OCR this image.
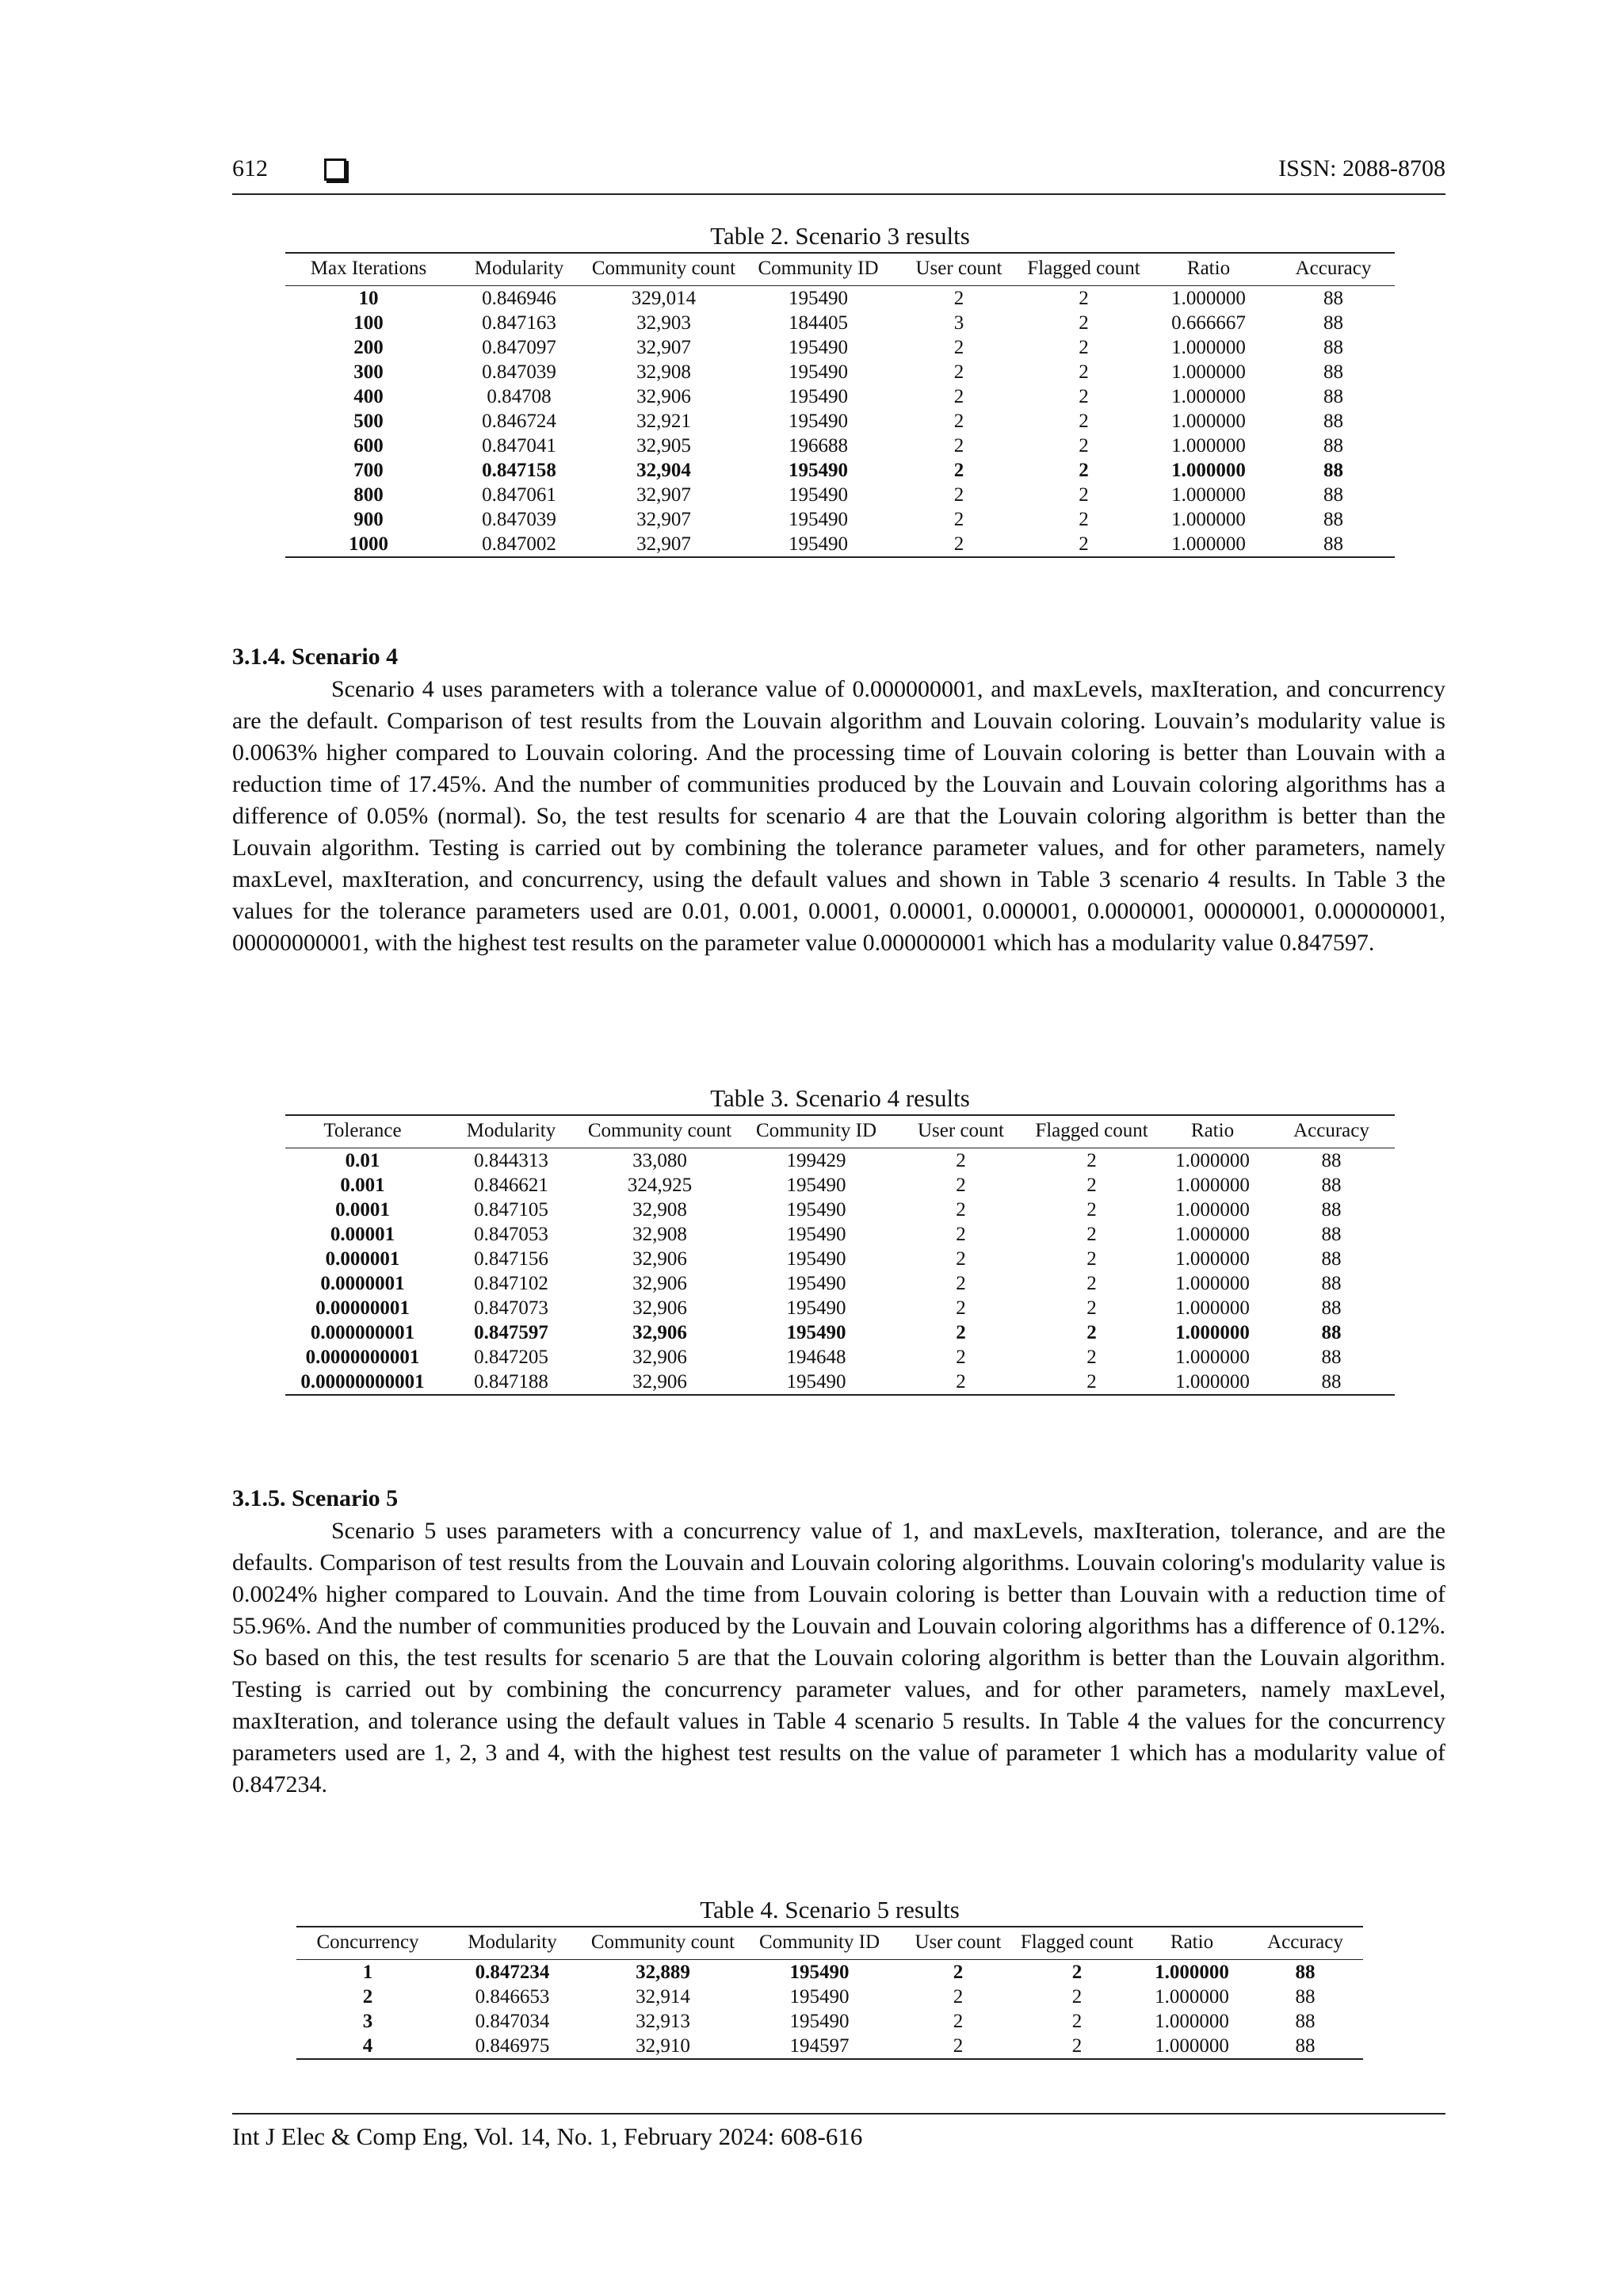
612	ISSN: 2088-8708
Table 2. Scenario 3 results
Max Iterations	Modularity	Community count	Community ID	User count	Flagged count	Ratio	Accuracy
10	0.846946	329,014	195490	2	2	1.000000	88
100	0.847163	32,903	184405	3	2	0.666667	88
200	0.847097	32,907	195490	2	2	1.000000	88
300	0.847039	32,908	195490	2	2	1.000000	88
400	0.84708	32,906	195490	2	2	1.000000	88
500	0.846724	32,921	195490	2	2	1.000000	88
600	0.847041	32,905	196688	2	2	1.000000	88
700	0.847158	32,904	195490	2	2	1.000000	88
800	0.847061	32,907	195490	2	2	1.000000	88
900	0.847039	32,907	195490	2	2	1.000000	88
1000	0.847002	32,907	195490	2	2	1.000000	88
3.1.4. Scenario 4

Scenario 4 uses parameters with a tolerance value of 0.000000001, and maxLevels, maxIteration, and concurrency are the default. Comparison of test results from the Louvain algorithm and Louvain coloring. Louvain’s modularity value is 0.0063% higher compared to Louvain coloring. And the processing time of Louvain coloring is better than Louvain with a reduction time of 17.45%. And the number of communities produced by the Louvain and Louvain coloring algorithms has a difference of 0.05% (normal). So, the test results for scenario 4 are that the Louvain coloring algorithm is better than the Louvain algorithm. Testing is carried out by combining the tolerance parameter values, and for other parameters, namely maxLevel, maxIteration, and concurrency, using the default values and shown in Table 3 scenario 4 results. In Table 3 the values for the tolerance parameters used are 0.01, 0.001, 0.0001, 0.00001, 0.000001, 0.0000001, 00000001, 0.000000001, 00000000001, with the highest test results on the parameter value 0.000000001 which has a modularity value 0.847597.

Table 3. Scenario 4 results
Tolerance	Modularity	Community count	Community ID	User count	Flagged count	Ratio	Accuracy
0.01	0.844313	33,080	199429	2	2	1.000000	88
0.001	0.846621	324,925	195490	2	2	1.000000	88
0.0001	0.847105	32,908	195490	2	2	1.000000	88
0.00001	0.847053	32,908	195490	2	2	1.000000	88
0.000001	0.847156	32,906	195490	2	2	1.000000	88
0.0000001	0.847102	32,906	195490	2	2	1.000000	88
0.00000001	0.847073	32,906	195490	2	2	1.000000	88
0.000000001	0.847597	32,906	195490	2	2	1.000000	88
0.0000000001	0.847205	32,906	194648	2	2	1.000000	88
0.00000000001	0.847188	32,906	195490	2	2	1.000000	88
3.1.5. Scenario 5

Scenario 5 uses parameters with a concurrency value of 1, and maxLevels, maxIteration, tolerance, and are the defaults. Comparison of test results from the Louvain and Louvain coloring algorithms. Louvain coloring's modularity value is 0.0024% higher compared to Louvain. And the time from Louvain coloring is better than Louvain with a reduction time of 55.96%. And the number of communities produced by the Louvain and Louvain coloring algorithms has a difference of 0.12%. So based on this, the test results for scenario 5 are that the Louvain coloring algorithm is better than the Louvain algorithm. Testing is carried out by combining the concurrency parameter values, and for other parameters, namely maxLevel, maxIteration, and tolerance using the default values in Table 4 scenario 5 results. In Table 4 the values for the concurrency parameters used are 1, 2, 3 and 4, with the highest test results on the value of parameter 1 which has a modularity value of 0.847234.

Table 4. Scenario 5 results
Concurrency	Modularity	Community count	Community ID	User count	Flagged count	Ratio	Accuracy
1	0.847234	32,889	195490	2	2	1.000000	88
2	0.846653	32,914	195490	2	2	1.000000	88
3	0.847034	32,913	195490	2	2	1.000000	88
4	0.846975	32,910	194597	2	2	1.000000	88
Int J Elec & Comp Eng, Vol. 14, No. 1, February 2024: 608-616
